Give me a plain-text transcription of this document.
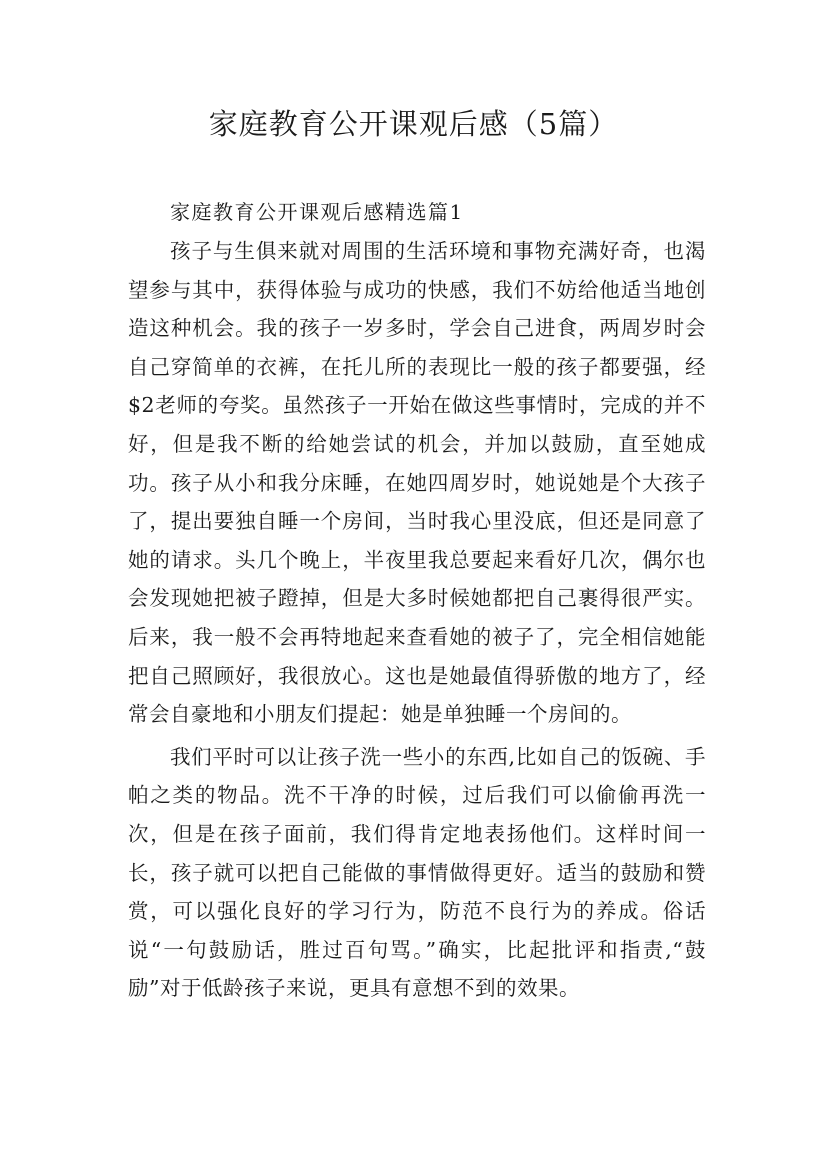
家庭教育公开课观后感（5篇）

家庭教育公开课观后感精选篇1

孩子与生俱来就对周围的生活环境和事物充满好奇，也渴望参与其中，获得体验与成功的快感，我们不妨给他适当地创造这种机会。我的孩子一岁多时，学会自己进食，两周岁时会自己穿简单的衣裤，在托儿所的表现比一般的孩子都要强，经$2老师的夸奖。虽然孩子一开始在做这些事情时，完成的并不好，但是我不断的给她尝试的机会，并加以鼓励，直至她成功。孩子从小和我分床睡，在她四周岁时，她说她是个大孩子了，提出要独自睡一个房间，当时我心里没底，但还是同意了她的请求。头几个晚上，半夜里我总要起来看好几次，偶尔也会发现她把被子蹬掉，但是大多时候她都把自己裹得很严实。后来，我一般不会再特地起来查看她的被子了，完全相信她能把自己照顾好，我很放心。这也是她最值得骄傲的地方了，经常会自豪地和小朋友们提起：她是单独睡一个房间的。

我们平时可以让孩子洗一些小的东西,比如自己的饭碗、手帕之类的物品。洗不干净的时候，过后我们可以偷偷再洗一次，但是在孩子面前，我们得肯定地表扬他们。这样时间一长，孩子就可以把自己能做的事情做得更好。适当的鼓励和赞赏，可以强化良好的学习行为，防范不良行为的养成。俗话说“一句鼓励话，胜过百句骂。”确实，比起批评和指责,“鼓励”对于低龄孩子来说，更具有意想不到的效果。
